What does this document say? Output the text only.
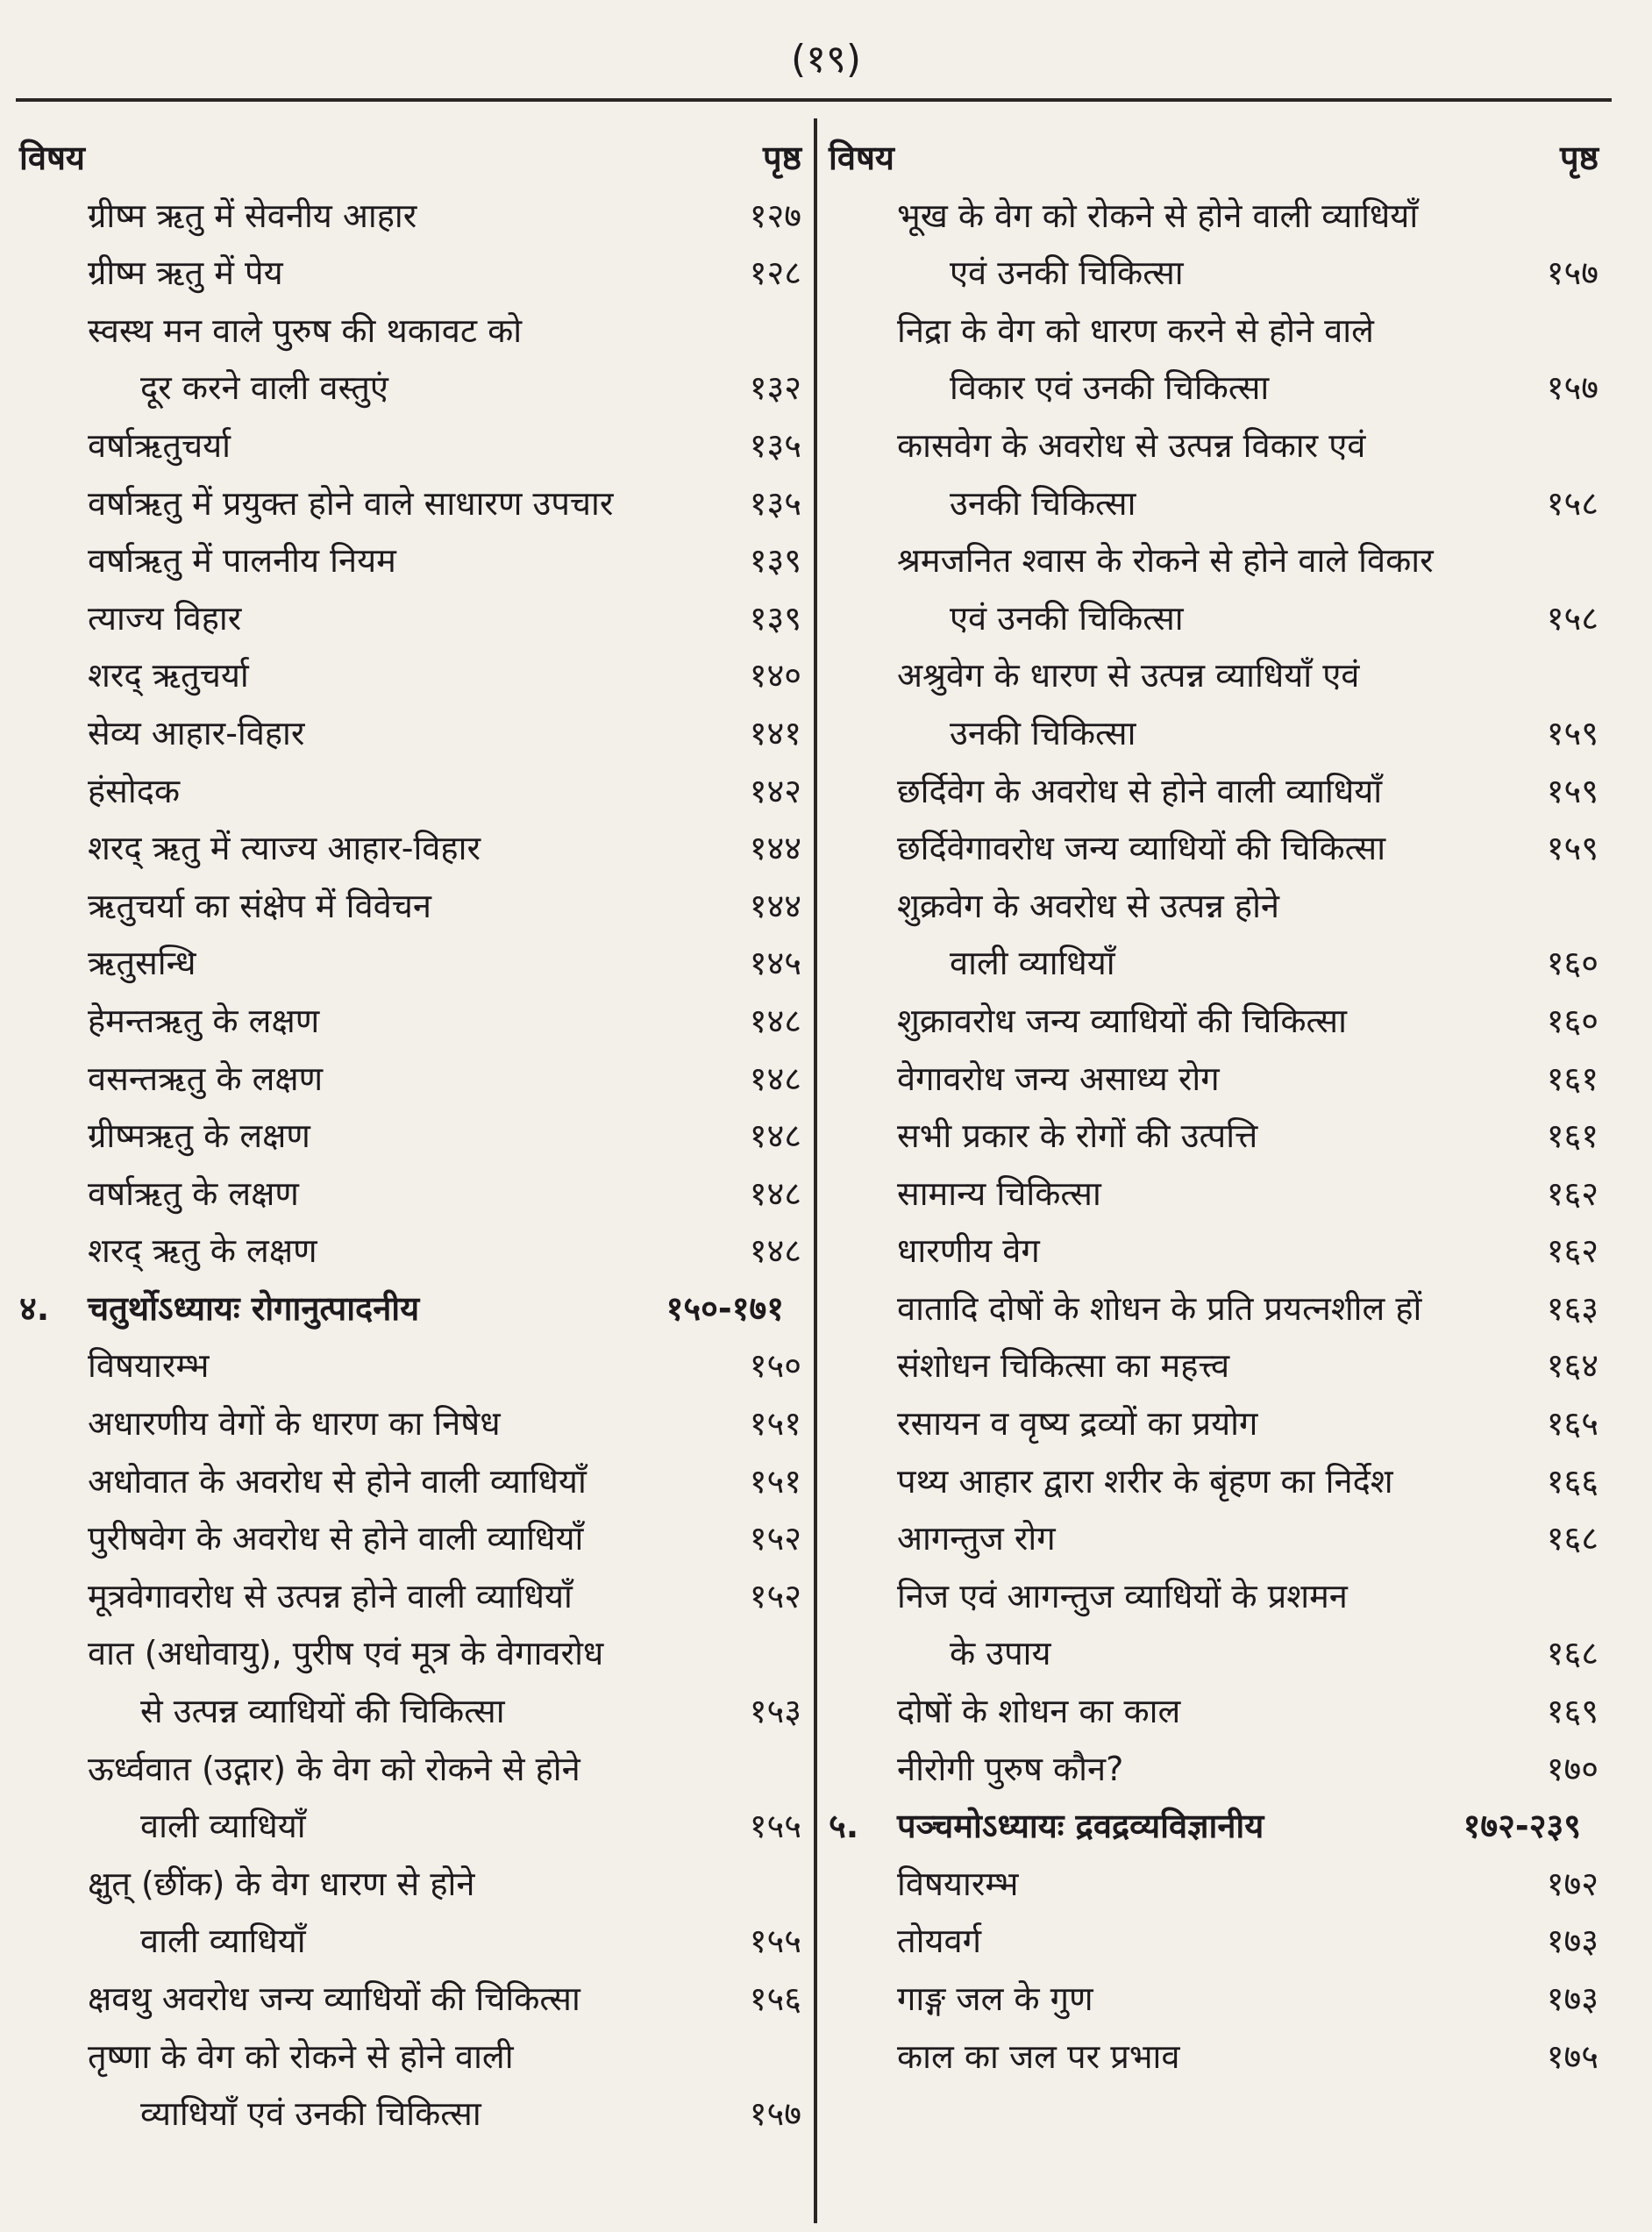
(१९)
विषय	पृष्ठ
ग्रीष्म ऋतु में सेवनीय आहार	१२७
ग्रीष्म ऋतु में पेय	१२८
स्वस्थ मन वाले पुरुष की थकावट को
दूर करने वाली वस्तुएं	१३२
वर्षाऋतुचर्या	१३५
वर्षाऋतु में प्रयुक्त होने वाले साधारण उपचार	१३५
वर्षाऋतु में पालनीय नियम	१३९
त्याज्य विहार	१३९
शरद् ऋतुचर्या	१४०
सेव्य आहार-विहार	१४१
हंसोदक	१४२
शरद् ऋतु में त्याज्य आहार-विहार	१४४
ऋतुचर्या का संक्षेप में विवेचन	१४४
ऋतुसन्धि	१४५
हेमन्तऋतु के लक्षण	१४८
वसन्तऋतु के लक्षण	१४८
ग्रीष्मऋतु के लक्षण	१४८
वर्षाऋतु के लक्षण	१४८
शरद् ऋतु के लक्षण	१४८
४. चतुर्थोऽध्यायः रोगानुत्पादनीय	१५०-१७१
विषयारम्भ	१५०
अधारणीय वेगों के धारण का निषेध	१५१
अधोवात के अवरोध से होने वाली व्याधियाँ	१५१
पुरीषवेग के अवरोध से होने वाली व्याधियाँ	१५२
मूत्रवेगावरोध से उत्पन्न होने वाली व्याधियाँ	१५२
वात (अधोवायु), पुरीष एवं मूत्र के वेगावरोध
से उत्पन्न व्याधियों की चिकित्सा	१५३
ऊर्ध्ववात (उद्गार) के वेग को रोकने से होने
वाली व्याधियाँ	१५५
क्षुत् (छींक) के वेग धारण से होने
वाली व्याधियाँ	१५५
क्षवथु अवरोध जन्य व्याधियों की चिकित्सा	१५६
तृष्णा के वेग को रोकने से होने वाली
व्याधियाँ एवं उनकी चिकित्सा	१५७
विषय	पृष्ठ
भूख के वेग को रोकने से होने वाली व्याधियाँ
एवं उनकी चिकित्सा	१५७
निद्रा के वेग को धारण करने से होने वाले
विकार एवं उनकी चिकित्सा	१५७
कासवेग के अवरोध से उत्पन्न विकार एवं
उनकी चिकित्सा	१५८
श्रमजनित श्वास के रोकने से होने वाले विकार
एवं उनकी चिकित्सा	१५८
अश्रुवेग के धारण से उत्पन्न व्याधियाँ एवं
उनकी चिकित्सा	१५९
छर्दिवेग के अवरोध से होने वाली व्याधियाँ	१५९
छर्दिवेगावरोध जन्य व्याधियों की चिकित्सा	१५९
शुक्रवेग के अवरोध से उत्पन्न होने
वाली व्याधियाँ	१६०
शुक्रावरोध जन्य व्याधियों की चिकित्सा	१६०
वेगावरोध जन्य असाध्य रोग	१६१
सभी प्रकार के रोगों की उत्पत्ति	१६१
सामान्य चिकित्सा	१६२
धारणीय वेग	१६२
वातादि दोषों के शोधन के प्रति प्रयत्नशील हों	१६३
संशोधन चिकित्सा का महत्त्व	१६४
रसायन व वृष्य द्रव्यों का प्रयोग	१६५
पथ्य आहार द्वारा शरीर के बृंहण का निर्देश	१६६
आगन्तुज रोग	१६८
निज एवं आगन्तुज व्याधियों के प्रशमन
के उपाय	१६८
दोषों के शोधन का काल	१६९
नीरोगी पुरुष कौन?	१७०
५. पञ्चमोऽध्यायः द्रवद्रव्यविज्ञानीय	१७२-२३९
विषयारम्भ	१७२
तोयवर्ग	१७३
गाङ्ग जल के गुण	१७३
काल का जल पर प्रभाव	१७५
